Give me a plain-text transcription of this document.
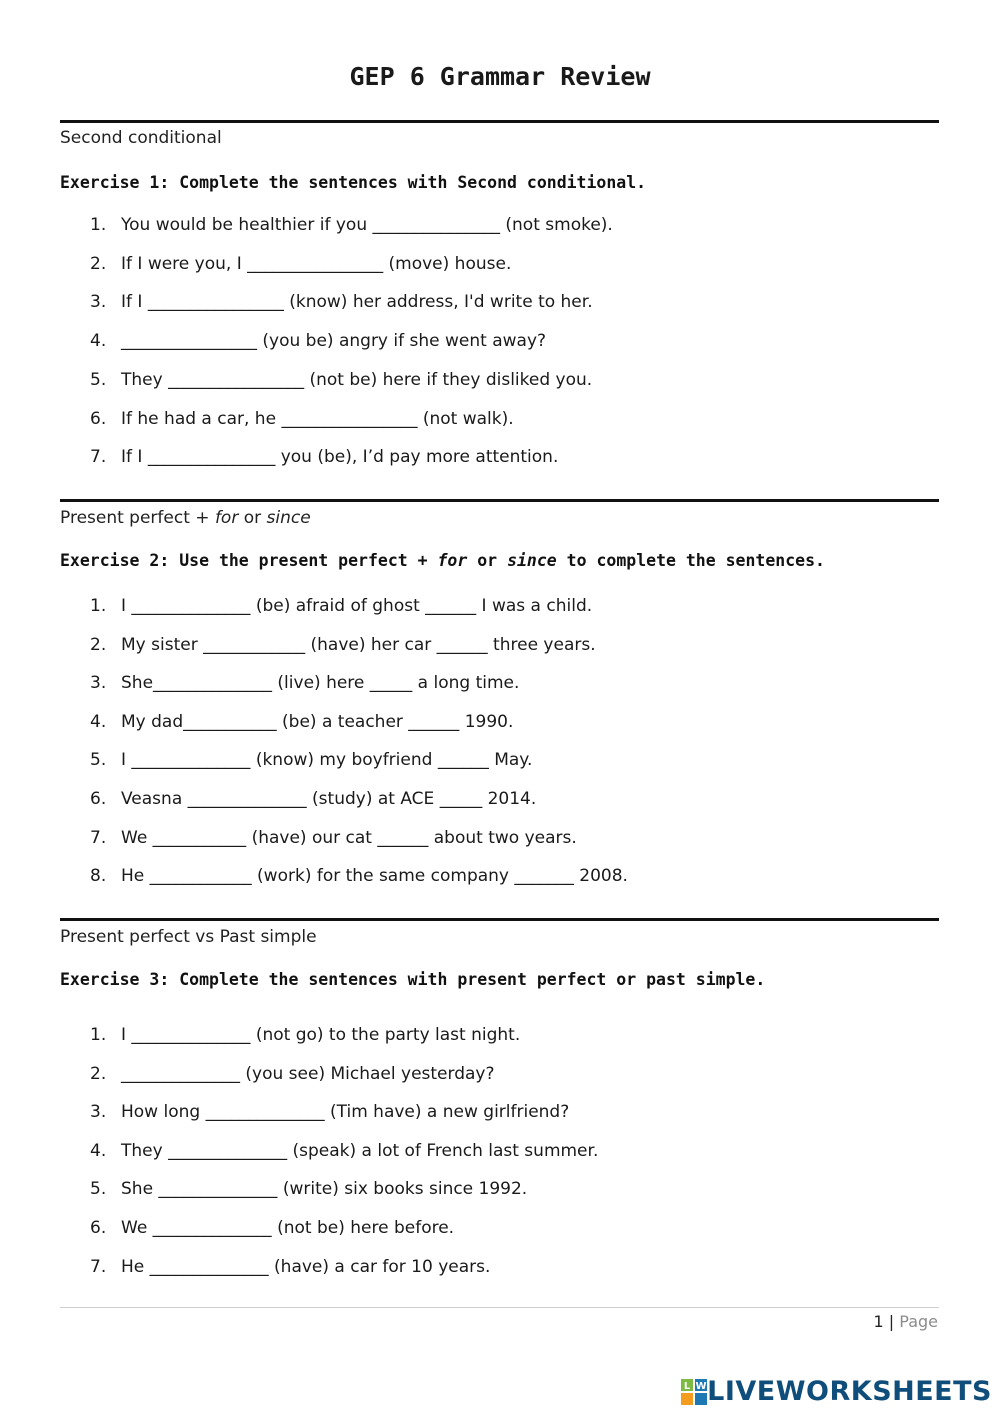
GEP 6 Grammar Review
Second conditional
Exercise 1: Complete the sentences with Second conditional.
1. You would be healthier if you _______________ (not smoke).
2. If I were you, I ________________ (move) house.
3. If I ________________ (know) her address, I'd write to her.
4. ________________ (you be) angry if she went away?
5. They ________________ (not be) here if they disliked you.
6. If he had a car, he ________________ (not walk).
7. If I _______________ you (be), I’d pay more attention.
Present perfect + for or since
Exercise 2: Use the present perfect + for or since to complete the sentences.
1. I ______________ (be) afraid of ghost ______ I was a child.
2. My sister ____________ (have) her car ______ three years.
3. She______________ (live) here _____ a long time.
4. My dad___________ (be) a teacher ______ 1990.
5. I ______________ (know) my boyfriend ______ May.
6. Veasna ______________ (study) at ACE _____ 2014.
7. We ___________ (have) our cat ______ about two years.
8. He ____________ (work) for the same company _______ 2008.
Present perfect vs Past simple
Exercise 3: Complete the sentences with present perfect or past simple.
1. I ______________ (not go) to the party last night.
2. ______________ (you see) Michael yesterday?
3. How long ______________ (Tim have) a new girlfriend?
4. They ______________ (speak) a lot of French last summer.
5. She ______________ (write) six books since 1992.
6. We ______________ (not be) here before.
7. He ______________ (have) a car for 10 years.
1 | Page
L W LIVEWORKSHEETS
